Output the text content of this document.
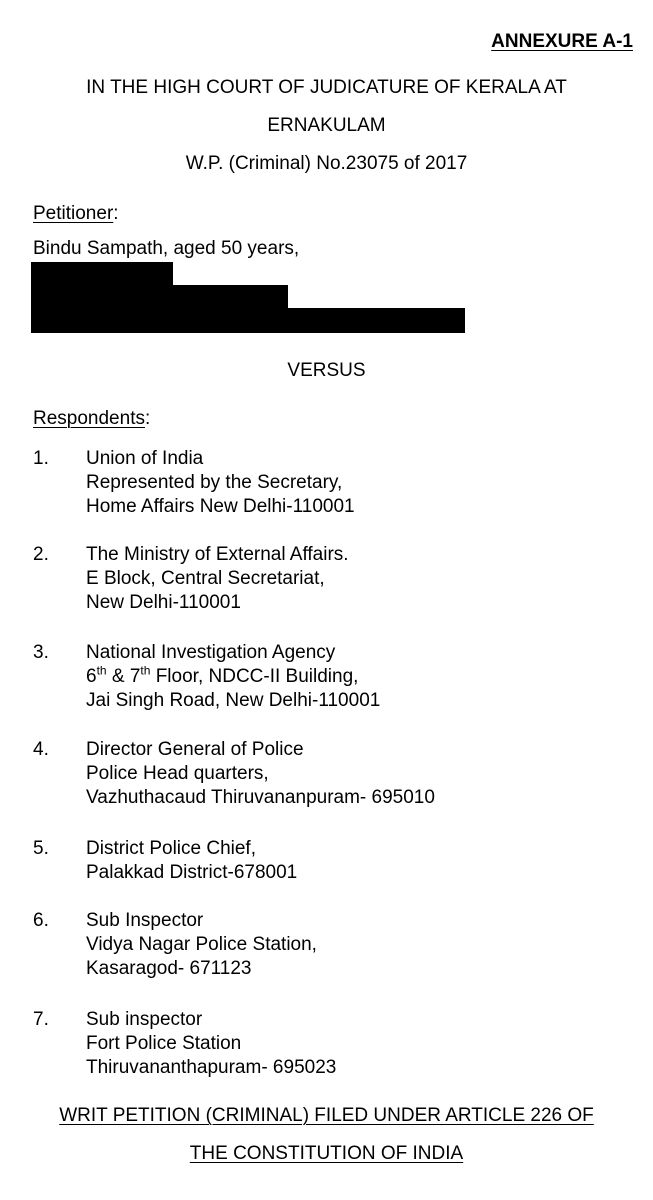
ANNEXURE A-1
IN THE HIGH COURT OF JUDICATURE OF KERALA AT
ERNAKULAM
W.P. (Criminal) No.23075 of 2017
Petitioner:
Bindu Sampath, aged 50 years,
VERSUS
Respondents:
1. Union of India
Represented by the Secretary,
Home Affairs New Delhi-110001
2. The Ministry of External Affairs.
E Block, Central Secretariat,
New Delhi-110001
3. National Investigation Agency
6th & 7th Floor, NDCC-II Building,
Jai Singh Road, New Delhi-110001
4. Director General of Police
Police Head quarters,
Vazhuthacaud Thiruvananpuram- 695010
5. District Police Chief,
Palakkad District-678001
6. Sub Inspector
Vidya Nagar Police Station,
Kasaragod- 671123
7. Sub inspector
Fort Police Station
Thiruvananthapuram- 695023
WRIT PETITION (CRIMINAL) FILED UNDER ARTICLE 226 OF
THE CONSTITUTION OF INDIA
